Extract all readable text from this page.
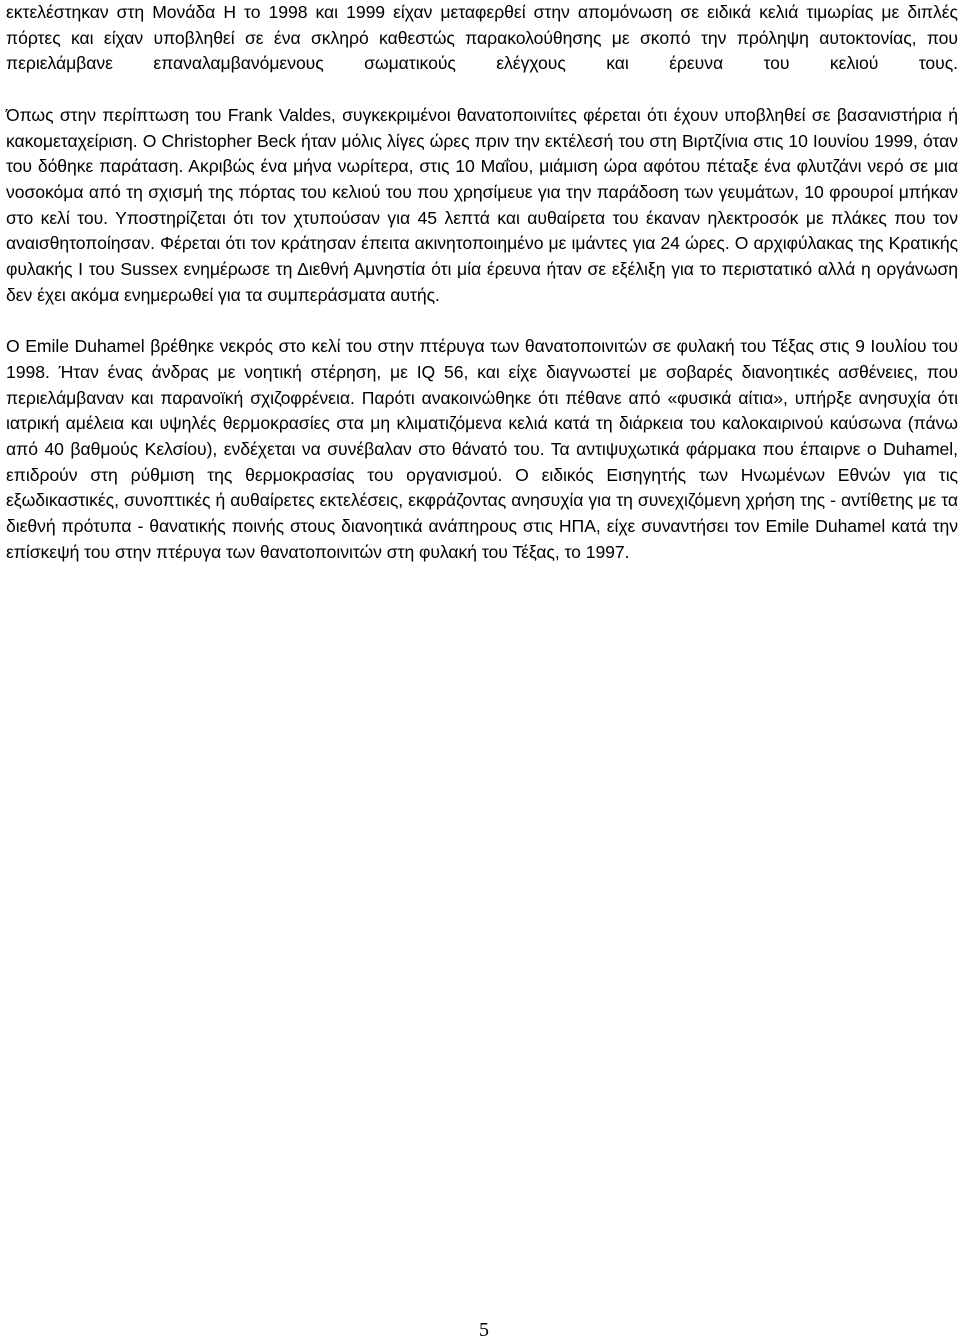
εκτελέστηκαν στη Μονάδα Η το 1998 και 1999 είχαν μεταφερθεί στην απομόνωση σε ειδικά κελιά τιμωρίας με διπλές πόρτες και είχαν υποβληθεί σε ένα σκληρό καθεστώς παρακολούθησης με σκοπό την πρόληψη αυτοκτονίας, που περιελάμβανε επαναλαμβανόμενους σωματικούς ελέγχους και έρευνα του κελιού τους.

Όπως στην περίπτωση του Frank Valdes, συγκεκριμένοι θανατοποινιίτες φέρεται ότι έχουν υποβληθεί σε βασανιστήρια ή κακομεταχείριση. Ο Christopher Beck ήταν μόλις λίγες ώρες πριν την εκτέλεσή του στη Βιρτζίνια στις 10 Ιουνίου 1999, όταν του δόθηκε παράταση. Ακριβώς ένα μήνα νωρίτερα, στις 10 Μαΐου, μιάμιση ώρα αφότου πέταξε ένα φλυτζάνι νερό σε μια νοσοκόμα από τη σχισμή της πόρτας του κελιού του που χρησίμευε για την παράδοση των γευμάτων, 10 φρουροί μπήκαν στο κελί του. Υποστηρίζεται ότι τον χτυπούσαν για 45 λεπτά και αυθαίρετα του έκαναν ηλεκτροσόκ με πλάκες που τον αναισθητοποίησαν. Φέρεται ότι τον κράτησαν έπειτα ακινητοποιημένο με ιμάντες για 24 ώρες. Ο αρχιφύλακας της Κρατικής φυλακής Ι του Sussex ενημέρωσε τη Διεθνή Αμνηστία ότι μία έρευνα ήταν σε εξέλιξη για το περιστατικό αλλά η οργάνωση δεν έχει ακόμα ενημερωθεί για τα συμπεράσματα αυτής.

Ο Emile Duhamel βρέθηκε νεκρός στο κελί του στην πτέρυγα των θανατοποινιτών σε φυλακή του Τέξας στις 9 Ιουλίου του 1998. Ήταν ένας άνδρας με νοητική στέρηση, με IQ 56, και είχε διαγνωστεί με σοβαρές διανοητικές ασθένειες, που περιελάμβαναν και παρανοϊκή σχιζοφρένεια. Παρότι ανακοινώθηκε ότι πέθανε από «φυσικά αίτια», υπήρξε ανησυχία ότι ιατρική αμέλεια και υψηλές θερμοκρασίες στα μη κλιματιζόμενα κελιά κατά τη διάρκεια του καλοκαιρινού καύσωνα (πάνω από 40 βαθμούς Κελσίου), ενδέχεται να συνέβαλαν στο θάνατό του. Τα αντιψυχωτικά φάρμακα που έπαιρνε ο Duhamel, επιδρούν στη ρύθμιση της θερμοκρασίας του οργανισμού. Ο ειδικός Εισηγητής των Ηνωμένων Εθνών για τις εξωδικαστικές, συνοπτικές ή αυθαίρετες εκτελέσεις, εκφράζοντας ανησυχία για τη συνεχιζόμενη χρήση της - αντίθετης με τα διεθνή πρότυπα - θανατικής ποινής στους διανοητικά ανάπηρους στις ΗΠΑ, είχε συναντήσει τον Emile Duhamel κατά την επίσκεψή του στην πτέρυγα των θανατοποινιτών στη φυλακή του Τέξας, το 1997.

5
